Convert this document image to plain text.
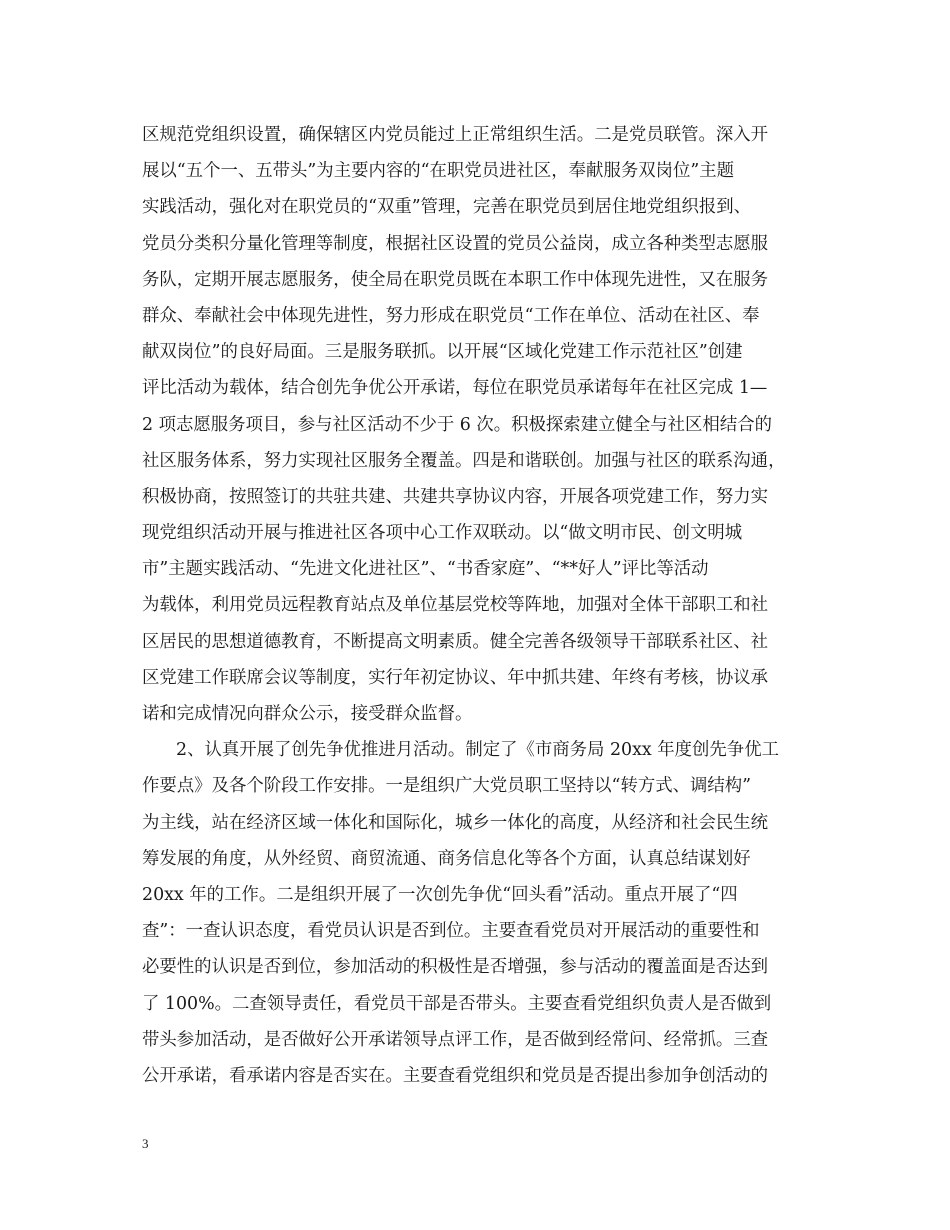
区规范党组织设置，确保辖区内党员能过上正常组织生活。二是党员联管。深入开
展以“五个一、五带头”为主要内容的“在职党员进社区，奉献服务双岗位”主题
实践活动，强化对在职党员的“双重”管理，完善在职党员到居住地党组织报到、
党员分类积分量化管理等制度，根据社区设置的党员公益岗，成立各种类型志愿服
务队，定期开展志愿服务，使全局在职党员既在本职工作中体现先进性，又在服务
群众、奉献社会中体现先进性，努力形成在职党员“工作在单位、活动在社区、奉
献双岗位”的良好局面。三是服务联抓。以开展“区域化党建工作示范社区”创建
评比活动为载体，结合创先争优公开承诺，每位在职党员承诺每年在社区完成 1—
2 项志愿服务项目，参与社区活动不少于 6 次。积极探索建立健全与社区相结合的
社区服务体系，努力实现社区服务全覆盖。四是和谐联创。加强与社区的联系沟通，
积极协商，按照签订的共驻共建、共建共享协议内容，开展各项党建工作，努力实
现党组织活动开展与推进社区各项中心工作双联动。以“做文明市民、创文明城
市”主题实践活动、“先进文化进社区”、“书香家庭”、“**好人”评比等活动
为载体，利用党员远程教育站点及单位基层党校等阵地，加强对全体干部职工和社
区居民的思想道德教育，不断提高文明素质。健全完善各级领导干部联系社区、社
区党建工作联席会议等制度，实行年初定协议、年中抓共建、年终有考核，协议承
诺和完成情况向群众公示，接受群众监督。
2、认真开展了创先争优推进月活动。制定了《市商务局 20xx 年度创先争优工
作要点》及各个阶段工作安排。一是组织广大党员职工坚持以“转方式、调结构”
为主线，站在经济区域一体化和国际化，城乡一体化的高度，从经济和社会民生统
筹发展的角度，从外经贸、商贸流通、商务信息化等各个方面，认真总结谋划好
20xx 年的工作。二是组织开展了一次创先争优“回头看”活动。重点开展了“四
查”：一查认识态度，看党员认识是否到位。主要查看党员对开展活动的重要性和
必要性的认识是否到位，参加活动的积极性是否增强，参与活动的覆盖面是否达到
了 100%。二查领导责任，看党员干部是否带头。主要查看党组织负责人是否做到
带头参加活动，是否做好公开承诺领导点评工作，是否做到经常问、经常抓。三查
公开承诺，看承诺内容是否实在。主要查看党组织和党员是否提出参加争创活动的
3
